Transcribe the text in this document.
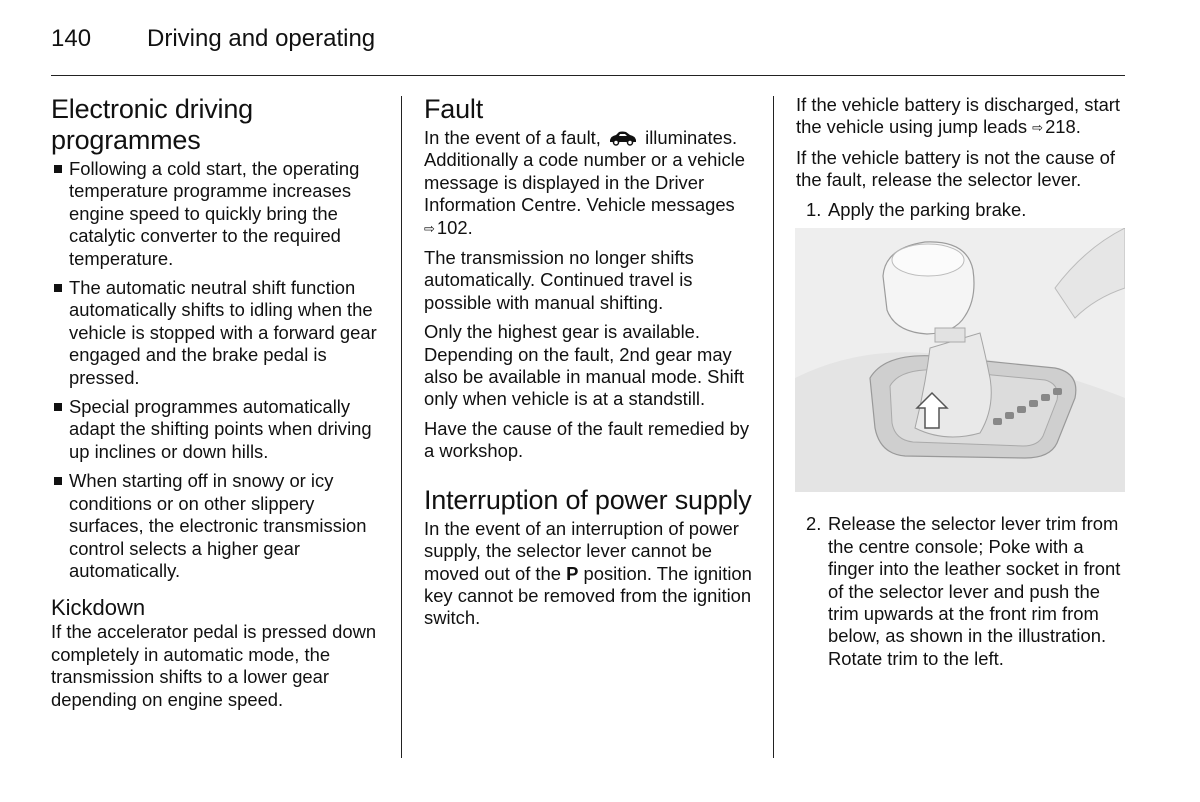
140 Driving and operating
Electronic driving programmes
Following a cold start, the operating temperature programme increases engine speed to quickly bring the catalytic converter to the required temperature.
The automatic neutral shift function automatically shifts to idling when the vehicle is stopped with a forward gear engaged and the brake pedal is pressed.
Special programmes automatically adapt the shifting points when driving up inclines or down hills.
When starting off in snowy or icy conditions or on other slippery surfaces, the electronic transmission control selects a higher gear automatically.
Kickdown

If the accelerator pedal is pressed down completely in automatic mode, the transmission shifts to a lower gear depending on engine speed.

Fault

In the event of a fault, illuminates. Additionally a code number or a vehicle message is displayed in the Driver Information Centre. Vehicle messages ⇨ 102.

The transmission no longer shifts automatically. Continued travel is possible with manual shifting.

Only the highest gear is available. Depending on the fault, 2nd gear may also be available in manual mode. Shift only when vehicle is at a standstill.

Have the cause of the fault remedied by a workshop.

Interruption of power supply

In the event of an interruption of power supply, the selector lever cannot be moved out of the P position. The ignition key cannot be removed from the ignition switch.

If the vehicle battery is discharged, start the vehicle using jump leads ⇨ 218.

If the vehicle battery is not the cause of the fault, release the selector lever.

1. Apply the parking brake.
2. Release the selector lever trim from the centre console; Poke with a finger into the leather socket in front of the selector lever and push the trim upwards at the front rim from below, as shown in the illustration. Rotate trim to the left.
